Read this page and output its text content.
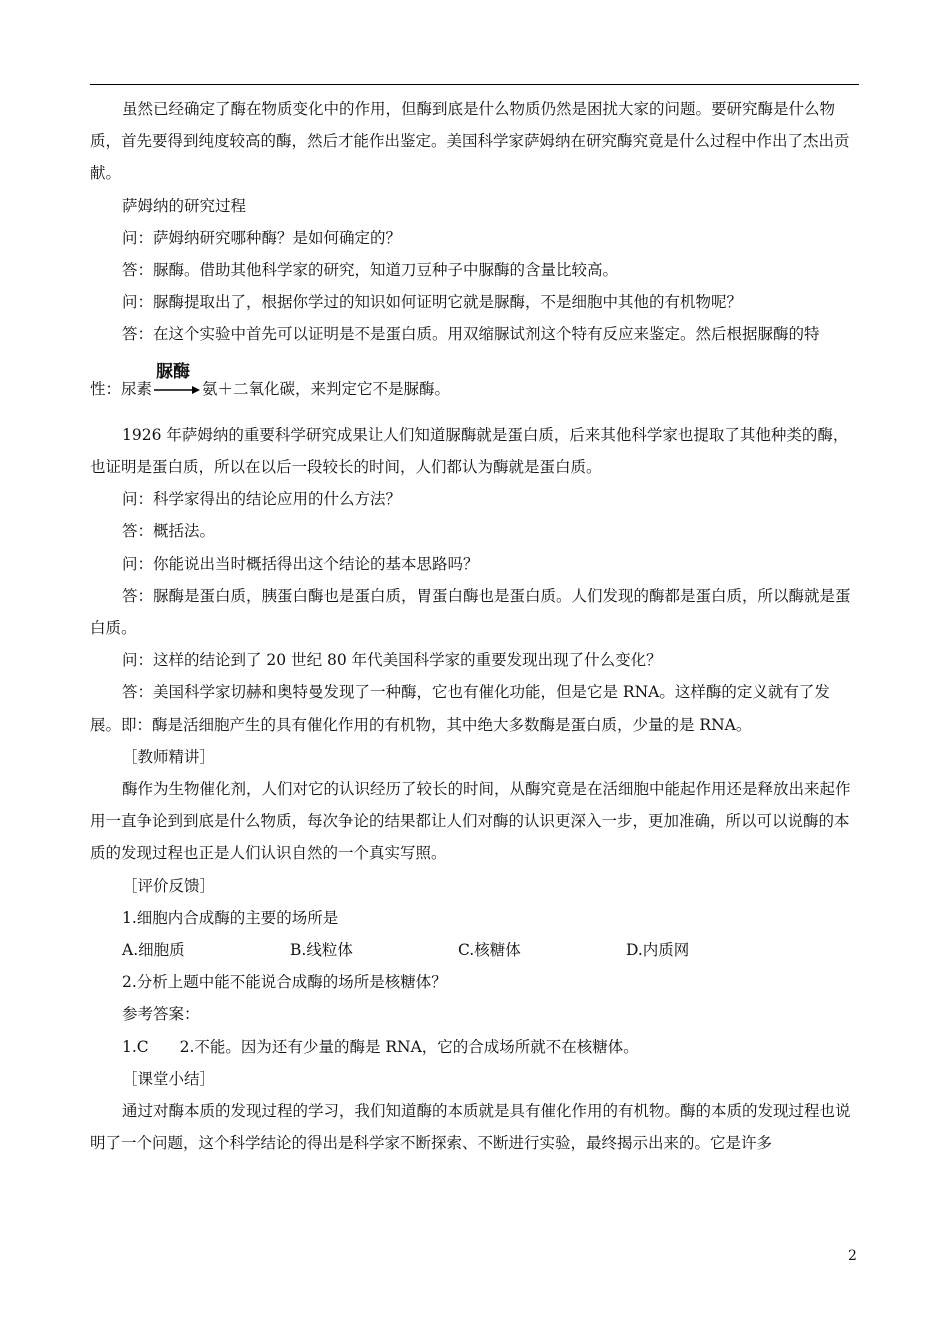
虽然已经确定了酶在物质变化中的作用，但酶到底是什么物质仍然是困扰大家的问题。要研究酶是什么物质，首先要得到纯度较高的酶，然后才能作出鉴定。美国科学家萨姆纳在研究酶究竟是什么过程中作出了杰出贡献。

萨姆纳的研究过程

问：萨姆纳研究哪种酶？是如何确定的？

答：脲酶。借助其他科学家的研究，知道刀豆种子中脲酶的含量比较高。

问：脲酶提取出了，根据你学过的知识如何证明它就是脲酶，不是细胞中其他的有机物呢？

答：在这个实验中首先可以证明是不是蛋白质。用双缩脲试剂这个特有反应来鉴定。然后根据脲酶的特

性：尿素
脲酶
氨＋二氧化碳，来判定它不是脲酶。

1926 年萨姆纳的重要科学研究成果让人们知道脲酶就是蛋白质，后来其他科学家也提取了其他种类的酶，也证明是蛋白质，所以在以后一段较长的时间，人们都认为酶就是蛋白质。

问：科学家得出的结论应用的什么方法？

答：概括法。

问：你能说出当时概括得出这个结论的基本思路吗？

答：脲酶是蛋白质，胰蛋白酶也是蛋白质，胃蛋白酶也是蛋白质。人们发现的酶都是蛋白质，所以酶就是蛋白质。

问：这样的结论到了 20 世纪 80 年代美国科学家的重要发现出现了什么变化？

答：美国科学家切赫和奥特曼发现了一种酶，它也有催化功能，但是它是 RNA。这样酶的定义就有了发展。即：酶是活细胞产生的具有催化作用的有机物，其中绝大多数酶是蛋白质，少量的是 RNA。

［教师精讲］

酶作为生物催化剂，人们对它的认识经历了较长的时间，从酶究竟是在活细胞中能起作用还是释放出来起作用一直争论到到底是什么物质，每次争论的结果都让人们对酶的认识更深入一步，更加准确，所以可以说酶的本质的发现过程也正是人们认识自然的一个真实写照。

［评价反馈］

1.细胞内合成酶的主要的场所是

A.细胞质	B.线粒体	C.核糖体	D.内质网

2.分析上题中能不能说合成酶的场所是核糖体？

参考答案：

1.C　　2.不能。因为还有少量的酶是 RNA，它的合成场所就不在核糖体。

［课堂小结］

通过对酶本质的发现过程的学习，我们知道酶的本质就是具有催化作用的有机物。酶的本质的发现过程也说明了一个问题，这个科学结论的得出是科学家不断探索、不断进行实验，最终揭示出来的。它是许多

2
